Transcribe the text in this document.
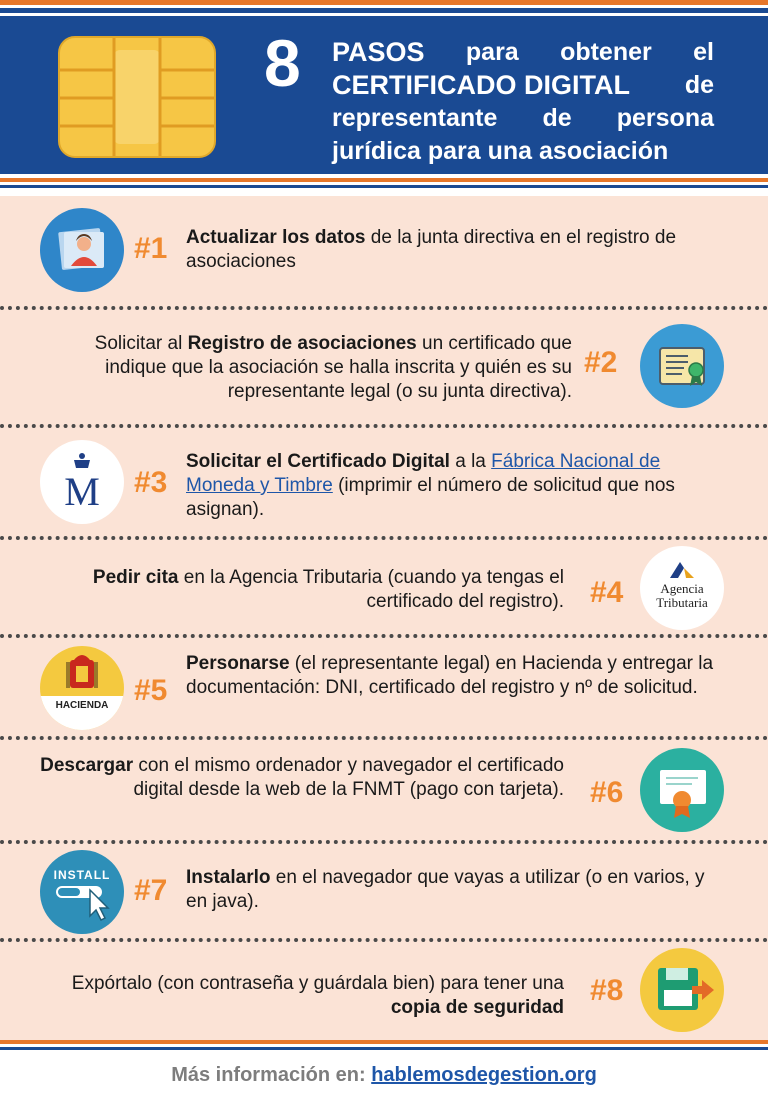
8 PASOS para obtener el
CERTIFICADO DIGITAL de
representante de persona
jurídica para una asociación
#1 Actualizar los datos de la junta directiva en el registro de asociaciones
Solicitar al Registro de asociaciones un certificado que indique que la asociación se halla inscrita y quién es su representante legal (o su junta directiva).
#2
M	#3
Solicitar el Certificado Digital a la Fábrica Nacional de Moneda y Timbre (imprimir el número de solicitud que nos asignan).
Pedir cita en la Agencia Tributaria (cuando ya tengas el certificado del registro). #4	Agencia
Tributaria
HACIENDA #5
Personarse (el representante legal) en Hacienda y entregar la documentación: DNI, certificado del registro y nº de solicitud.
Descargar con el mismo ordenador y navegador el certificado digital desde la web de la FNMT (pago con tarjeta). #6
INSTALL #7 Instalarlo en el navegador que vayas a utilizar (o en varios, y en java).
Expórtalo (con contraseña y guárdala bien) para tener una copia de seguridad
#8
Más información en: hablemosdegestion.org
